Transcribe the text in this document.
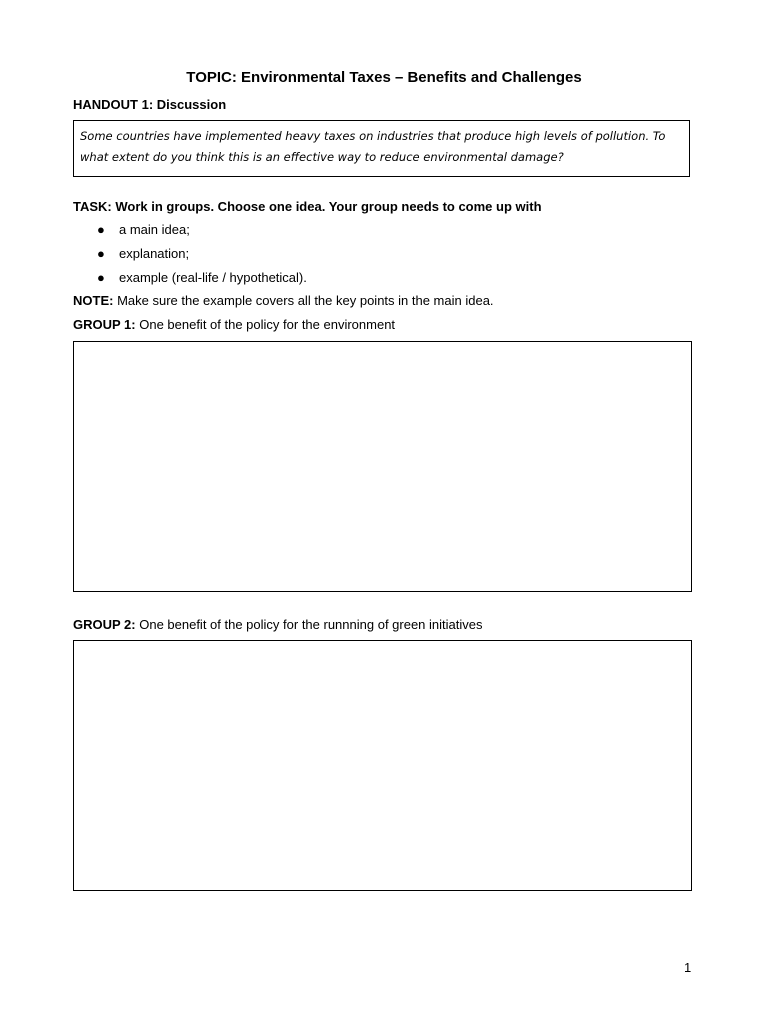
TOPIC: Environmental Taxes – Benefits and Challenges
HANDOUT 1: Discussion
Some countries have implemented heavy taxes on industries that produce high levels of pollution. To what extent do you think this is an effective way to reduce environmental damage?
TASK: Work in groups. Choose one idea. Your group needs to come up with
● a main idea;
● explanation;
● example (real-life / hypothetical).
NOTE: Make sure the example covers all the key points in the main idea.
GROUP 1: One benefit of the policy for the environment
GROUP 2: One benefit of the policy for the runnning of green initiatives
1
